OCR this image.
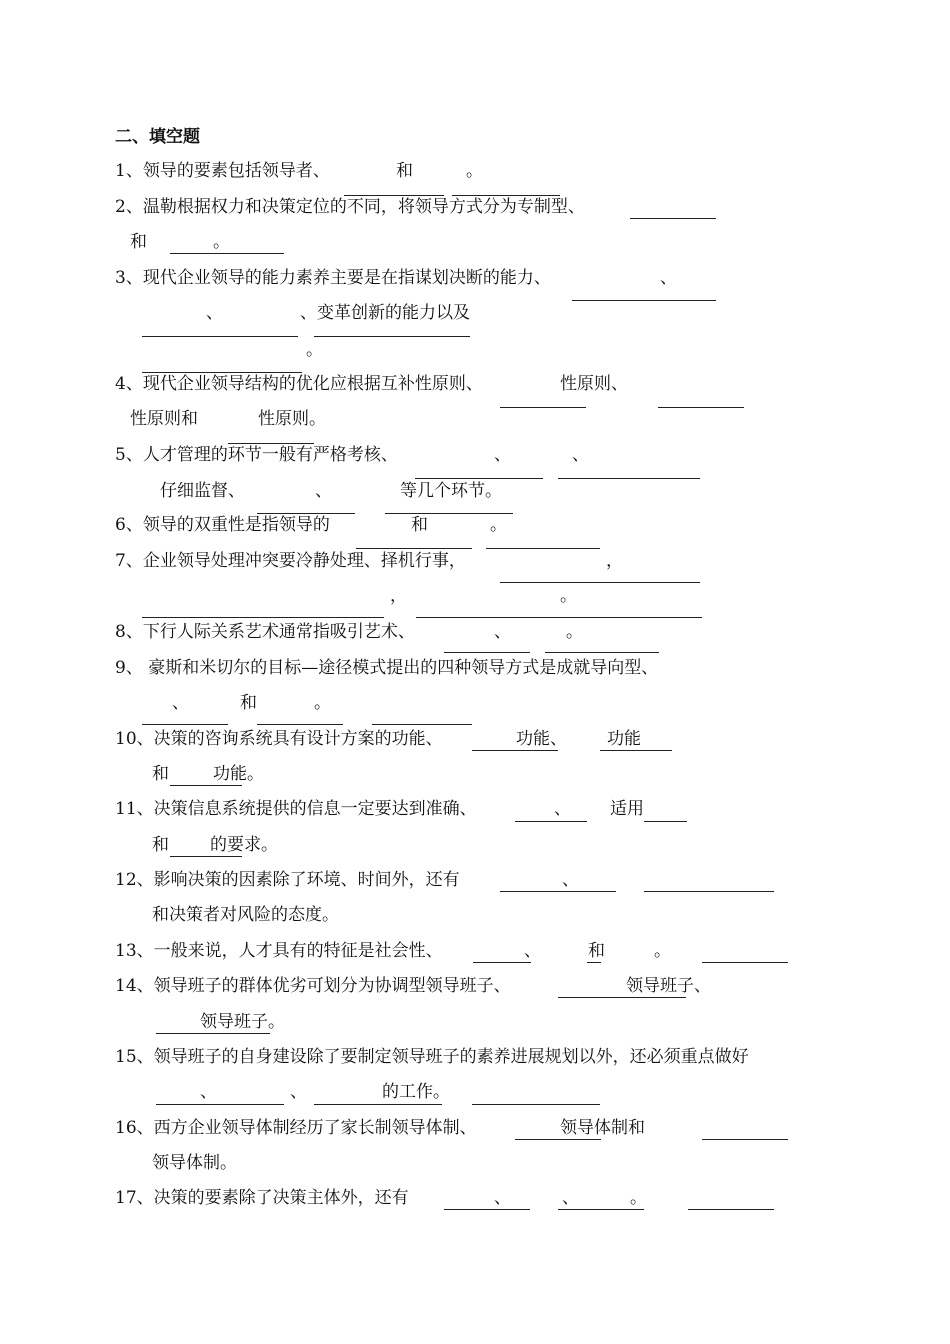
二、填空题
1、领导的要素包括领导者、	和	。
2、温勒根据权力和决策定位的不同，将领导方式分为专制型、
和	。
3、现代企业领导的能力素养主要是在指谋划决断的能力、	、
、	、变革创新的能力以及
。
4、现代企业领导结构的优化应根据互补性原则、	性原则、
性原则和	性原则。
5、人才管理的环节一般有严格考核、	、	、
仔细监督、	、	等几个环节。
6、领导的双重性是指领导的	和	。
7、企业领导处理冲突要冷静处理、择机行事，	，
，	。
8、下行人际关系艺术通常指吸引艺术、	、	。
9、 豪斯和米切尔的目标—途径模式提出的四种领导方式是成就导向型、
、	和	。
10、决策的咨询系统具有设计方案的功能、	功能、 功能
和	功能。
11、决策信息系统提供的信息一定要达到准确、	、 适用
和 的要求。
12、影响决策的因素除了环境、时间外，还有	、
和决策者对风险的态度。
13、一般来说，人才具有的特征是社会性、	、	和	。
14、领导班子的群体优劣可划分为协调型领导班子、	领导班子、
领导班子。
15、领导班子的自身建设除了要制定领导班子的素养进展规划以外，还必须重点做好
、	、	的工作。
16、西方企业领导体制经历了家长制领导体制、	领导体制和
领导体制。
17、决策的要素除了决策主体外，还有	、	、	。
